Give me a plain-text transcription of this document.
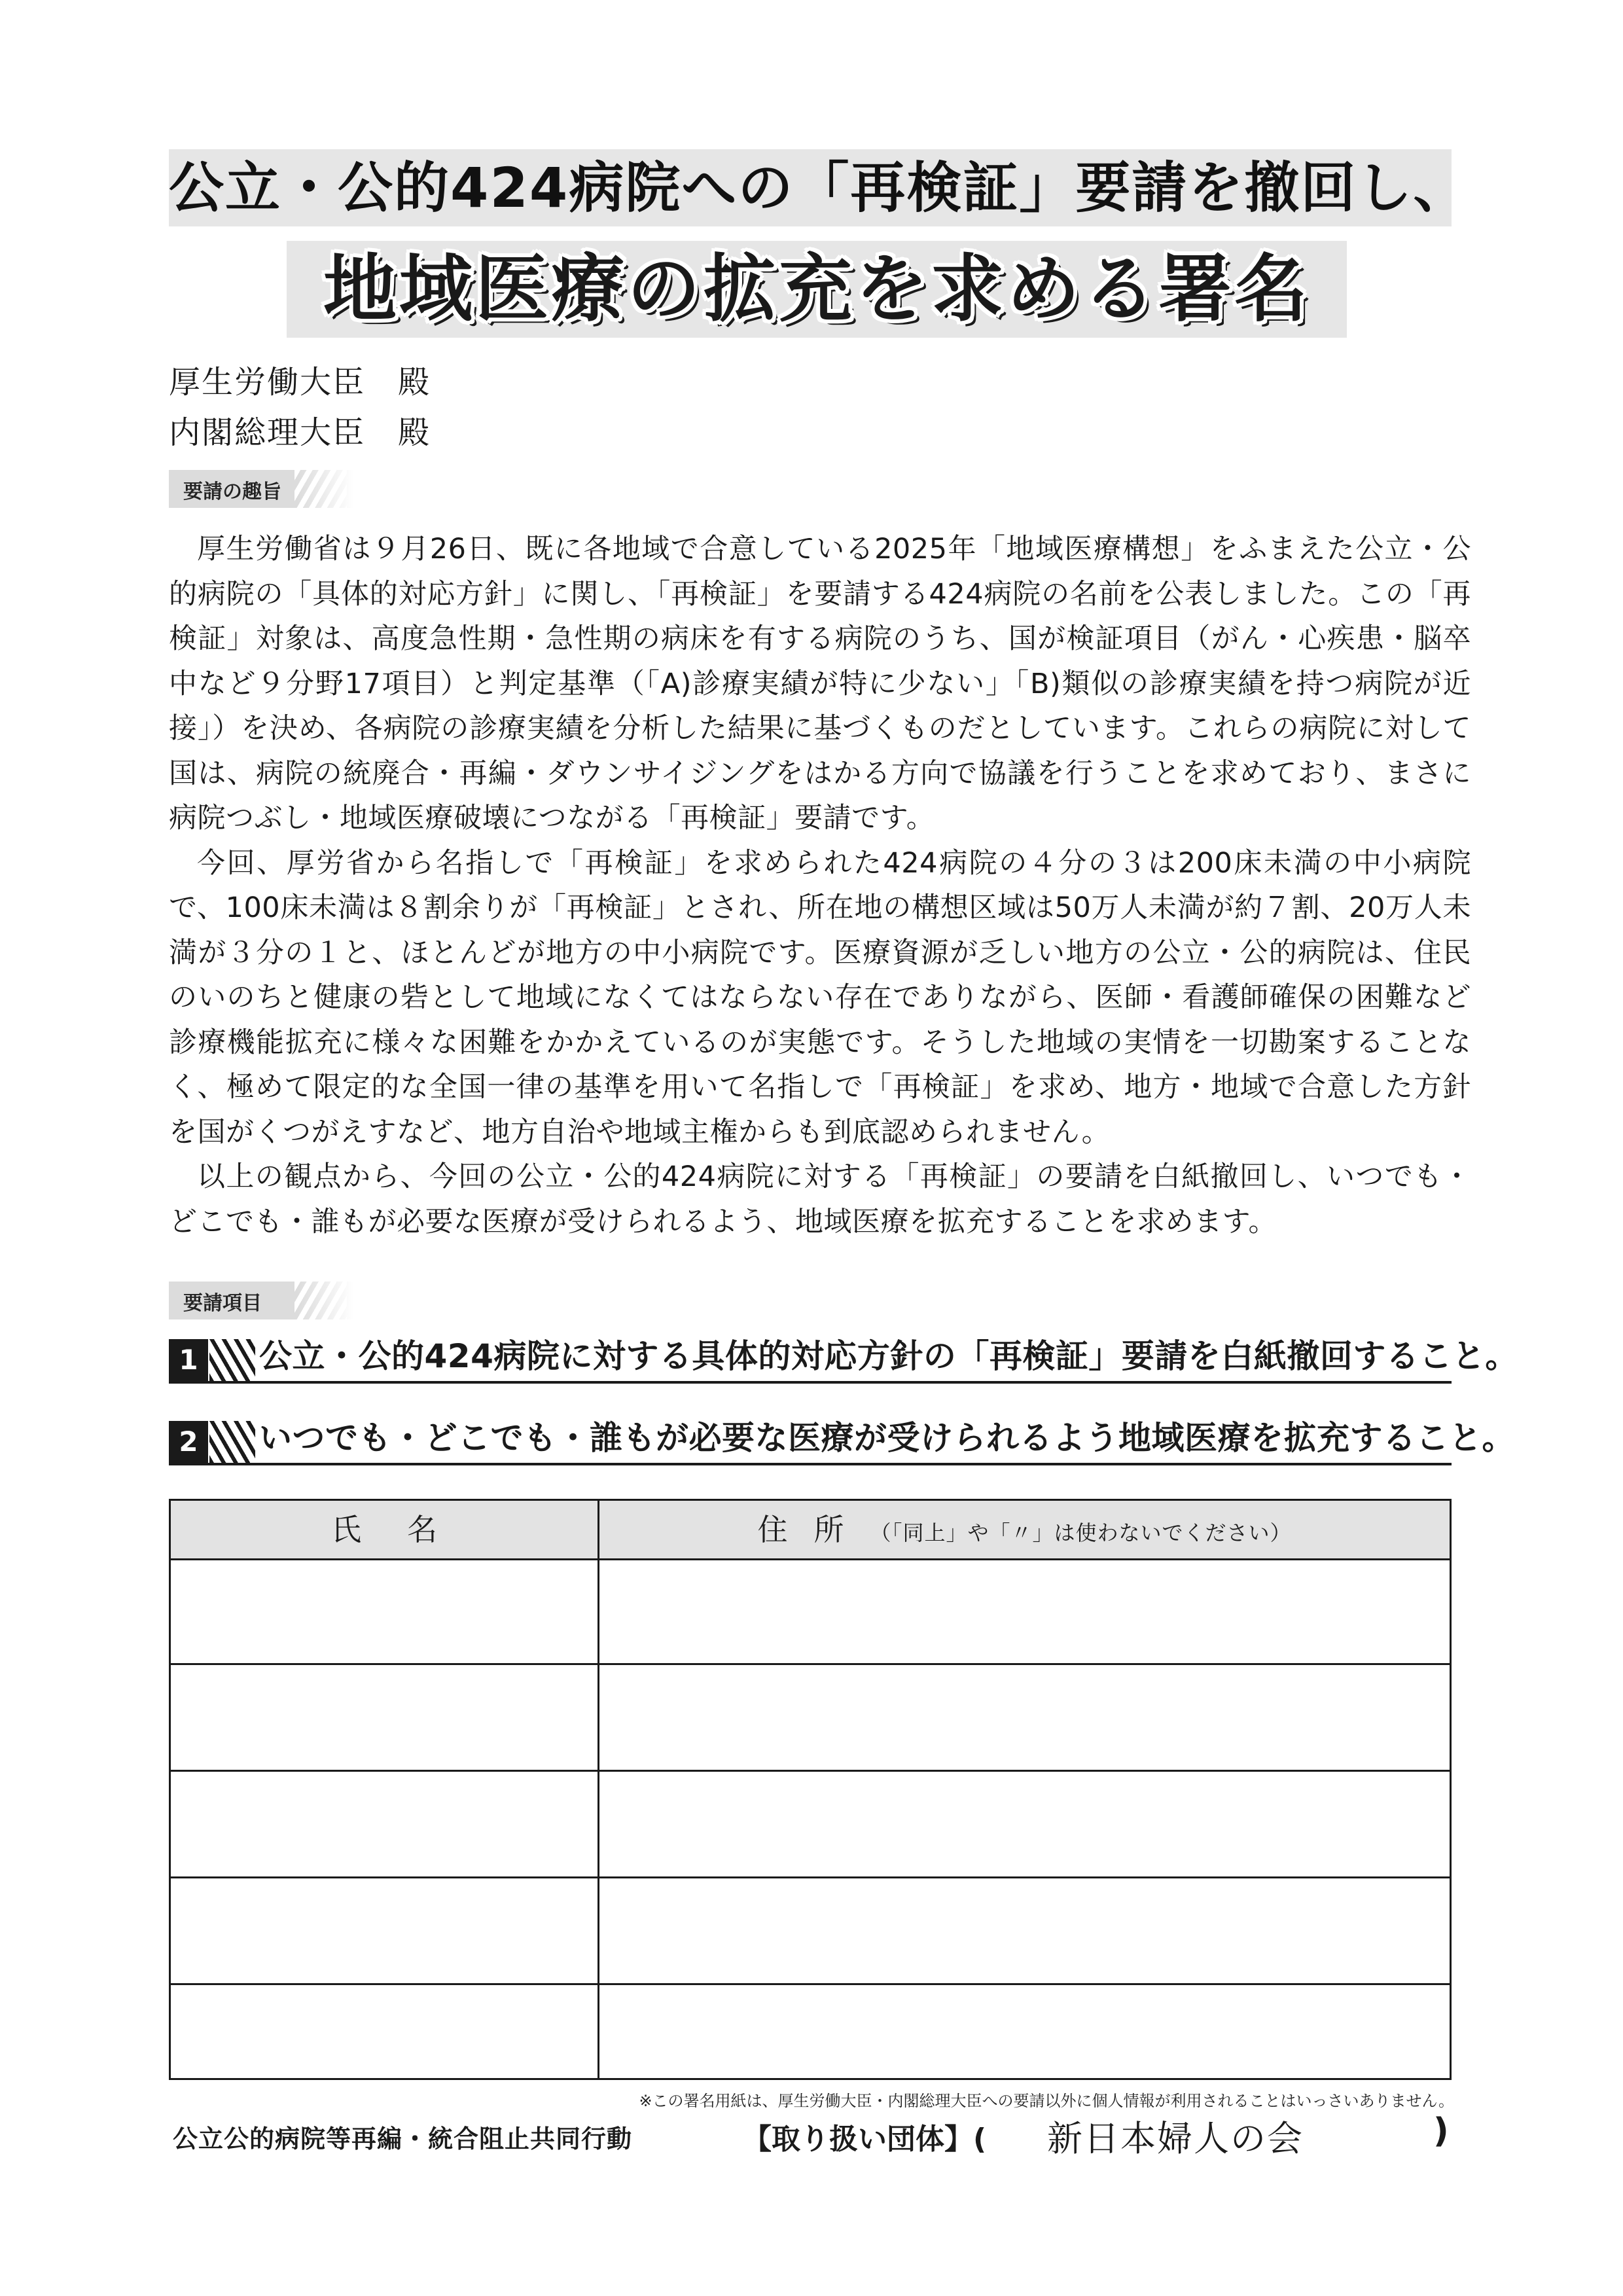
公立・公的424病院への「再検証」要請を撤回し、
地域医療の拡充を求める署名
厚生労働大臣　殿
内閣総理大臣　殿
要請の趣旨

厚生労働省は９月26日、既に各地域で合意している2025年「地域医療構想」をふまえた公立・公的病院の「具体的対応方針」に関し、「再検証」を要請する424病院の名前を公表しました。この「再検証」対象は、高度急性期・急性期の病床を有する病院のうち、国が検証項目（がん・心疾患・脳卒中など９分野17項目）と判定基準（「A)診療実績が特に少ない」「B)類似の診療実績を持つ病院が近接」）を決め、各病院の診療実績を分析した結果に基づくものだとしています。これらの病院に対して国は、病院の統廃合・再編・ダウンサイジングをはかる方向で協議を行うことを求めており、まさに病院つぶし・地域医療破壊につながる「再検証」要請です。

今回、厚労省から名指しで「再検証」を求められた424病院の４分の３は200床未満の中小病院で、100床未満は８割余りが「再検証」とされ、所在地の構想区域は50万人未満が約７割、20万人未満が３分の１と、ほとんどが地方の中小病院です。医療資源が乏しい地方の公立・公的病院は、住民のいのちと健康の砦として地域になくてはならない存在でありながら、医師・看護師確保の困難など診療機能拡充に様々な困難をかかえているのが実態です。そうした地域の実情を一切勘案することなく、極めて限定的な全国一律の基準を用いて名指しで「再検証」を求め、地方・地域で合意した方針を国がくつがえすなど、地方自治や地域主権からも到底認められません。

以上の観点から、今回の公立・公的424病院に対する「再検証」の要請を白紙撤回し、いつでも・どこでも・誰もが必要な医療が受けられるよう、地域医療を拡充することを求めます。

要請項目
1	公立・公的424病院に対する具体的対応方針の「再検証」要請を白紙撤回すること。
2	いつでも・どこでも・誰もが必要な医療が受けられるよう地域医療を拡充すること。
氏名	住所（「同上」や「〃」は使わないでください）
※この署名用紙は、厚生労働大臣・内閣総理大臣への要請以外に個人情報が利用されることはいっさいありません。
公立公的病院等再編・統合阻止共同行動	【取り扱い団体】( 新日本婦人の会	)
